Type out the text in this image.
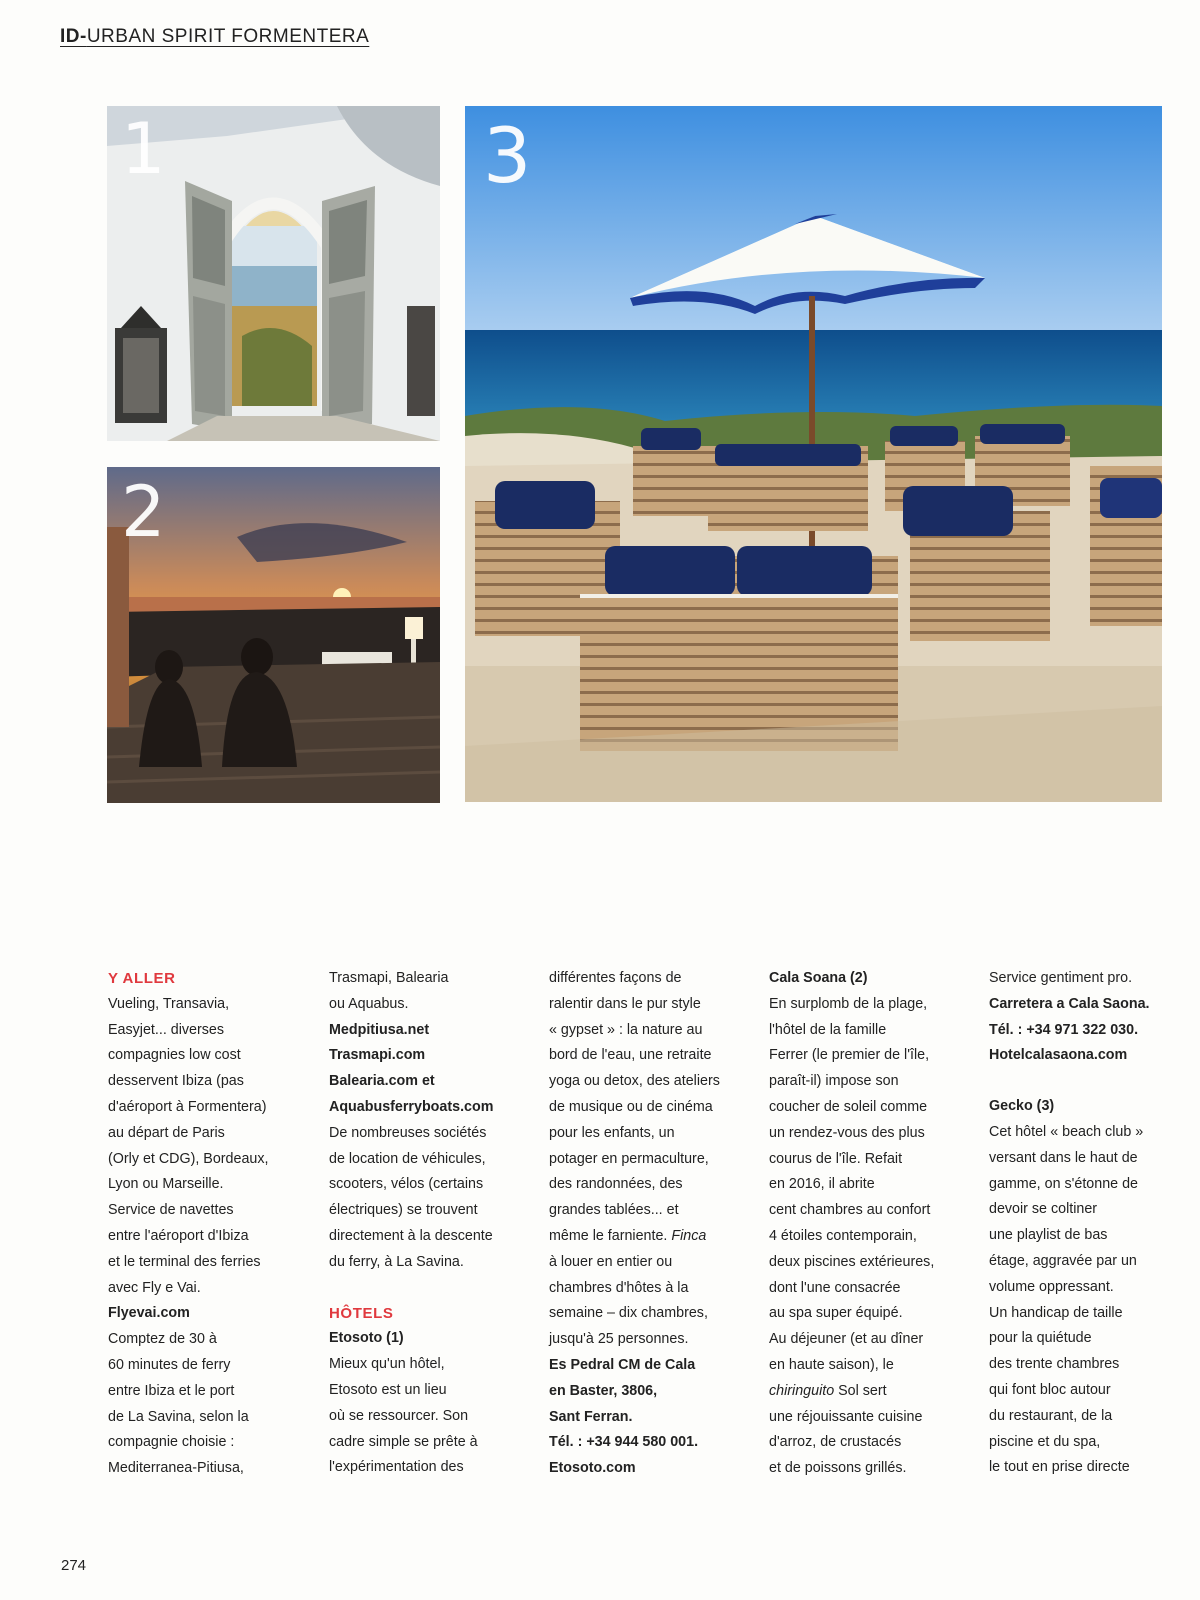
ID-URBAN SPIRIT FORMENTERA
1
2
3

Y ALLER

Vueling, Transavia,

Easyjet... diverses

compagnies low cost

desservent Ibiza (pas

d'aéroport à Formentera)

au départ de Paris

(Orly et CDG), Bordeaux,

Lyon ou Marseille.

Service de navettes

entre l'aéroport d'Ibiza

et le terminal des ferries

avec Fly e Vai.

Flyevai.com

Comptez de 30 à

60 minutes de ferry

entre Ibiza et le port

de La Savina, selon la

compagnie choisie :

Mediterranea-Pitiusa,

Trasmapi, Balearia

ou Aquabus.

Medpitiusa.net

Trasmapi.com

Balearia.com et

Aquabusferryboats.com

De nombreuses sociétés

de location de véhicules,

scooters, vélos (certains

électriques) se trouvent

directement à la descente

du ferry, à La Savina.

HÔTELS

Etosoto (1)

Mieux qu'un hôtel,

Etosoto est un lieu

où se ressourcer. Son

cadre simple se prête à

l'expérimentation des

différentes façons de

ralentir dans le pur style

« gypset » : la nature au

bord de l'eau, une retraite

yoga ou detox, des ateliers

de musique ou de cinéma

pour les enfants, un

potager en permaculture,

des randonnées, des

grandes tablées... et

même le farniente. Finca

à louer en entier ou

chambres d'hôtes à la

semaine – dix chambres,

jusqu'à 25 personnes.

Es Pedral CM de Cala

en Baster, 3806,

Sant Ferran.

Tél. : +34 944 580 001.

Etosoto.com

Cala Soana (2)

En surplomb de la plage,

l'hôtel de la famille

Ferrer (le premier de l'île,

paraît-il) impose son

coucher de soleil comme

un rendez-vous des plus

courus de l'île. Refait

en 2016, il abrite

cent chambres au confort

4 étoiles contemporain,

deux piscines extérieures,

dont l'une consacrée

au spa super équipé.

Au déjeuner (et au dîner

en haute saison), le

chiringuito Sol sert

une réjouissante cuisine

d'arroz, de crustacés

et de poissons grillés.

Service gentiment pro.

Carretera a Cala Saona.

Tél. : +34 971 322 030.

Hotelcalasaona.com

Gecko (3)

Cet hôtel « beach club »

versant dans le haut de

gamme, on s'étonne de

devoir se coltiner

une playlist de bas

étage, aggravée par un

volume oppressant.

Un handicap de taille

pour la quiétude

des trente chambres

qui font bloc autour

du restaurant, de la

piscine et du spa,

le tout en prise directe

274
